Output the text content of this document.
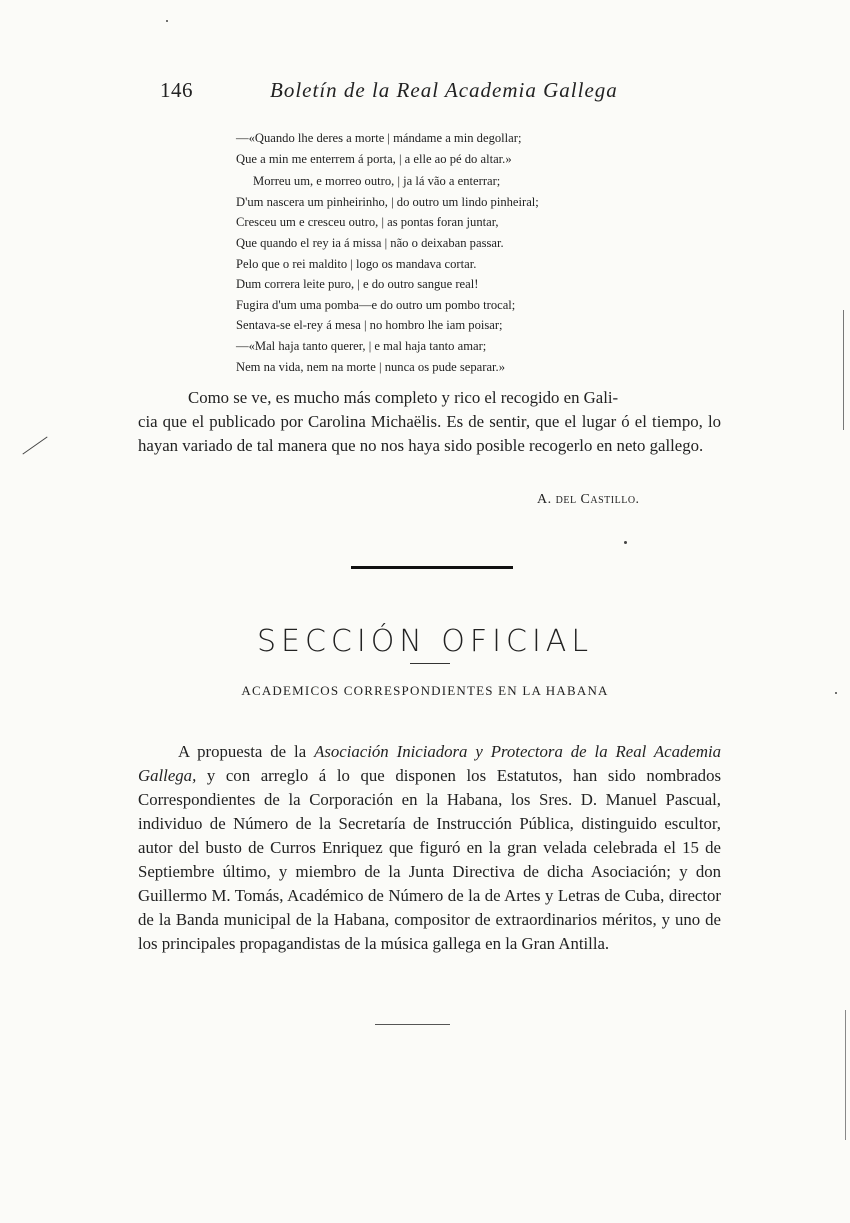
146	Boletín de la Real Academia Gallega
—«Quando lhe deres a morte | mándame a min degollar;
Que a min me enterrem á porta, | a elle ao pé do altar.»
Morreu um, e morreo outro, | ja lá vão a enterrar;
D'um nascera um pinheirinho, | do outro um lindo pinheiral;
Cresceu um e cresceu outro, | as pontas foran juntar,
Que quando el rey ia á missa | não o deixaban passar.
Pelo que o rei maldito | logo os mandava cortar.
Dum correra leite puro, | e do outro sangue real!
Fugira d'um uma pomba—e do outro um pombo trocal;
Sentava-se el-rey á mesa | no hombro lhe iam poisar;
—«Mal haja tanto querer, | e mal haja tanto amar;
Nem na vida, nem na morte | nunca os pude separar.»
Como se ve, es mucho más completo y rico el recogido en Gali-
cia que el publicado por Carolina Michaëlis. Es de sentir, que el lugar ó el tiempo, lo hayan variado de tal manera que no nos haya sido posible recogerlo en neto gallego.
A. del Castillo.
SECCIÓN OFICIAL
ACADEMICOS CORRESPONDIENTES EN LA HABANA
A propuesta de la Asociación Iniciadora y Protectora de la Real Academia Gallega, y con arreglo á lo que disponen los Estatutos, han sido nombrados Correspondientes de la Corporación en la Habana, los Sres. D. Manuel Pascual, individuo de Número de la Secretaría de Instrucción Pública, distinguido escultor, autor del busto de Curros Enriquez que figuró en la gran velada celebrada el 15 de Septiembre último, y miembro de la Junta Directiva de dicha Asociación; y don Guillermo M. Tomás, Académico de Número de la de Artes y Letras de Cuba, director de la Banda municipal de la Habana, compositor de extraordinarios méritos, y uno de los principales propagandistas de la música gallega en la Gran Antilla.
